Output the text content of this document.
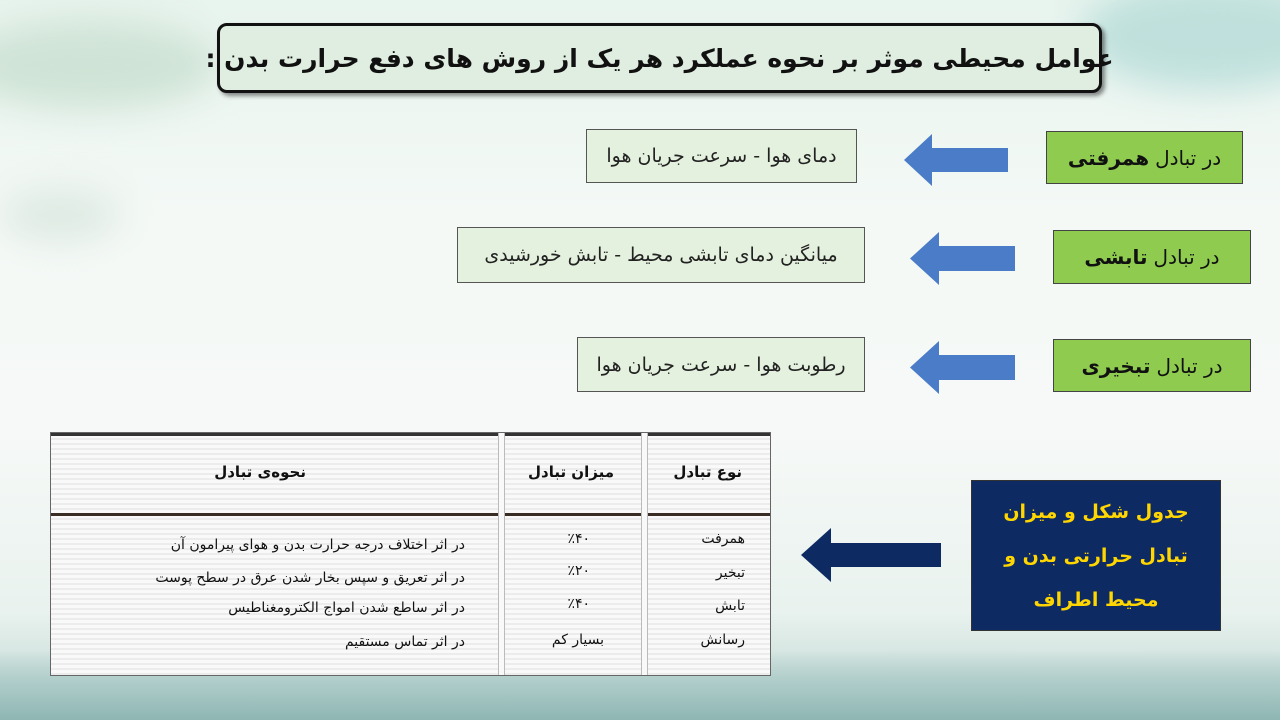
عوامل محیطی موثر بر نحوه عملکرد هر یک از روش های دفع حرارت بدن :
در تبادل
همرفتی
دمای هوا - سرعت جریان هوا
در تبادل
تابشی
میانگین دمای تابشی محیط - تابش خورشیدی
در تبادل
تبخیری
رطوبت هوا - سرعت جریان هوا
نوع تبادل
میزان تبادل
نحوه‌ی تبادل
همرفت
٪۴۰
در اثر اختلاف درجه حرارت بدن و هوای پیرامون آن
تبخیر
٪۲۰
در اثر تعریق و سپس بخار شدن عرق در سطح پوست
تابش
٪۴۰
در اثر ساطع شدن امواج الکترومغناطیس
رسانش
بسیار کم
در اثر تماس مستقیم
جدول شکل و میزان
تبادل حرارتی بدن و
محیط اطراف
